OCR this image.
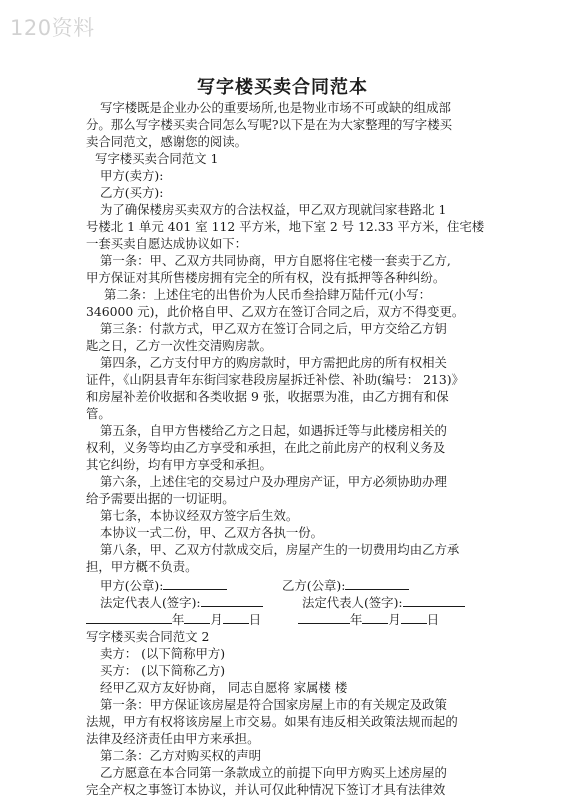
120资料
写字楼买卖合同范本
写字楼既是企业办公的重要场所,也是物业市场不可或缺的组成部
分。那么写字楼买卖合同怎么写呢?以下是在为大家整理的写字楼买
卖合同范文，感谢您的阅读。
写字楼买卖合同范文 1
甲方(卖方):
乙方(买方):
为了确保楼房买卖双方的合法权益，甲乙双方现就闫家巷路北 1
号楼北 1 单元 401 室 112 平方米，地下室 2 号 12.33 平方米，住宅楼
一套买卖自愿达成协议如下：
第一条：甲、乙双方共同协商，甲方自愿将住宅楼一套卖于乙方,
甲方保证对其所售楼房拥有完全的所有权，没有抵押等各种纠纷。
第二条：上述住宅的出售价为人民币叁拾肆万陆仟元(小写：
346000 元)，此价格自甲、乙双方在签订合同之后，双方不得变更。
第三条：付款方式，甲乙双方在签订合同之后，甲方交给乙方钥
匙之日，乙方一次性交清购房款。
第四条，乙方支付甲方的购房款时，甲方需把此房的所有权相关
证件，《山阴县青年东街闫家巷段房屋拆迁补偿、补助(编号： 213)》
和房屋补差价收据和各类收据 9 张，收据票为准，由乙方拥有和保
管。
第五条，自甲方售楼给乙方之日起，如遇拆迁等与此楼房相关的
权利，义务等均由乙方享受和承担，在此之前此房产的权利义务及
其它纠纷，均有甲方享受和承担。
第六条，上述住宅的交易过户及办理房产证，甲方必须协助办理
给予需要出据的一切证明。
第七条，本协议经双方签字后生效。
本协议一式二份，甲、乙双方各执一份。
第八条，甲、乙双方付款成交后，房屋产生的一切费用均由乙方承
担，甲方概不负责。
甲方(公章):	乙方(公章):
法定代表人(签字):	法定代表人(签字):
年 月 日	年 月 日
写字楼买卖合同范文 2
卖方： (以下简称甲方)
买方： (以下简称乙方)
经甲乙双方友好协商， 同志自愿将 家属楼 楼
第一条：甲方保证该房屋是符合国家房屋上市的有关规定及政策
法规，甲方有权将该房屋上市交易。如果有违反相关政策法规而起的
法律及经济责任由甲方来承担。
第二条：乙方对购买权的声明
乙方愿意在本合同第一条款成立的前提下向甲方购买上述房屋的
完全产权之事签订本协议，并认可仅此种情况下签订才具有法律效
